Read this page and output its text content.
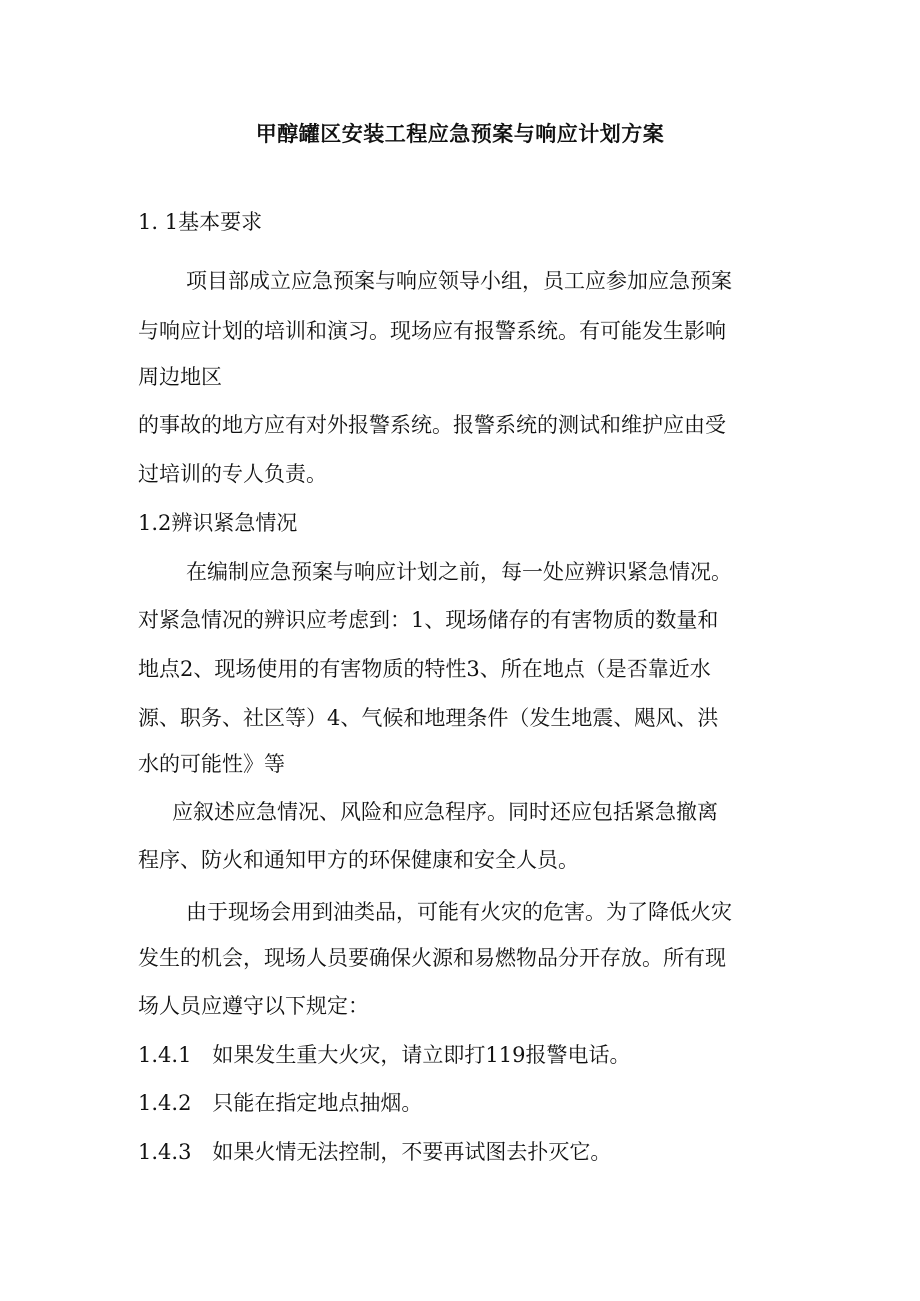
甲醇罐区安装工程应急预案与响应计划方案
1. 1基本要求
项目部成立应急预案与响应领导小组，员工应参加应急预案
与响应计划的培训和演习。现场应有报警系统。有可能发生影响
周边地区
的事故的地方应有对外报警系统。报警系统的测试和维护应由受
过培训的专人负责。
1.2辨识紧急情况
在编制应急预案与响应计划之前，每一处应辨识紧急情况。
对紧急情况的辨识应考虑到：1、现场储存的有害物质的数量和
地点2、现场使用的有害物质的特性3、所在地点（是否靠近水
源、职务、社区等）4、气候和地理条件（发生地震、飓风、洪
水的可能性》等
应叙述应急情况、风险和应急程序。同时还应包括紧急撤离
程序、防火和通知甲方的环保健康和安全人员。
由于现场会用到油类品，可能有火灾的危害。为了降低火灾
发生的机会，现场人员要确保火源和易燃物品分开存放。所有现
场人员应遵守以下规定：
1.4.1　如果发生重大火灾，请立即打119报警电话。
1.4.2　只能在指定地点抽烟。
1.4.3　如果火情无法控制，不要再试图去扑灭它。
